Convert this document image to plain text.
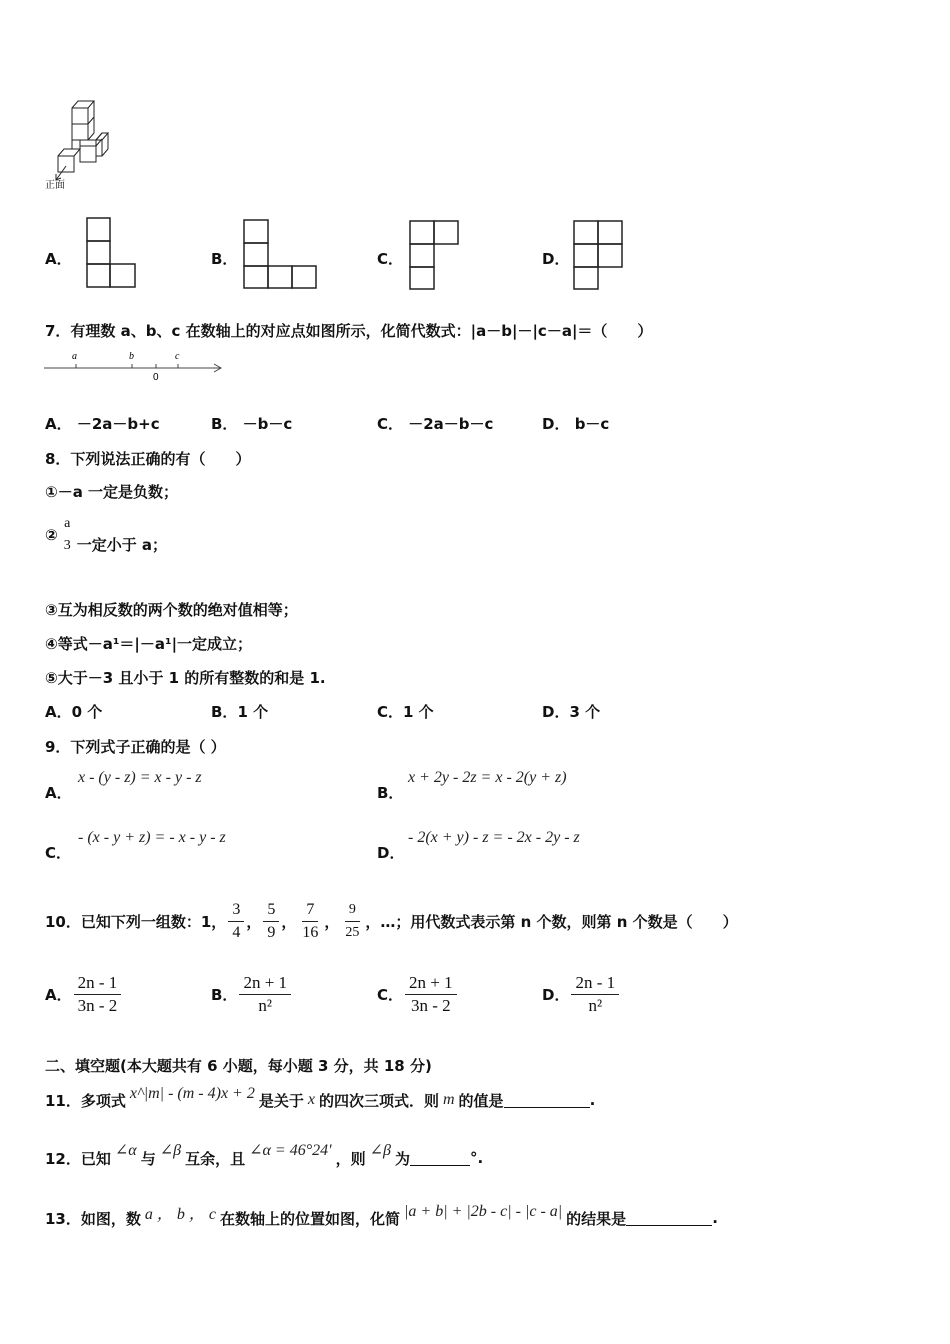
正面
A．	B．	C．	D．
7．有理数 a、b、c 在数轴上的对应点如图所示，化简代数式：|a－b|－|c－a|＝（　　）
a	b	c
0
A． －2a－b+c	B． －b－c	C． －2a－b－c	D． b－c
8．下列说法正确的有（　　）
①－a 一定是负数；
②
a
3 一定小于 a；
③互为相反数的两个数的绝对值相等；
④等式－a¹＝|－a¹|一定成立；
⑤大于－3 且小于 1 的所有整数的和是 1.
A．0 个	B．1 个	C．1 个	D．3 个
9．下列式子正确的是（ ）
A．
x - (y - z) = x - y - z
B．
x + 2y - 2z = x - 2(y + z)
C．
- (x - y + z) = - x - y - z
D．
- 2(x + y) - z = - 2x - 2y - z
10．已知下列一组数：1， $\frac{3}{4}$ ， $\frac{5}{9}$ ， $\frac{7}{16}$ ， $\frac{9}{25}$ ，…；用代数式表示第 n 个数，则第 n 个数是（　　）
A． $\frac{2n - 1}{3n - 2}$	B． $\frac{2n + 1}{\text{n²}}$	C． $\frac{2n + 1}{3n - 2}$	D． $\frac{2n - 1}{\text{n²}}$
二、填空题(本大题共有 6 小题，每小题 3 分，共 18 分)
11．多项式 x^|m| - (m - 4)x + 2 是关于 x 的四次三项式．则 m 的值是	.
12．已知 ∠α 与 ∠β 互余，且 ∠α = 46°24′ ，则 ∠β 为	°.
13．如图，数 a ， b ， c 在数轴上的位置如图，化简 |a + b| + |2b - c| - |c - a| 的结果是	.
